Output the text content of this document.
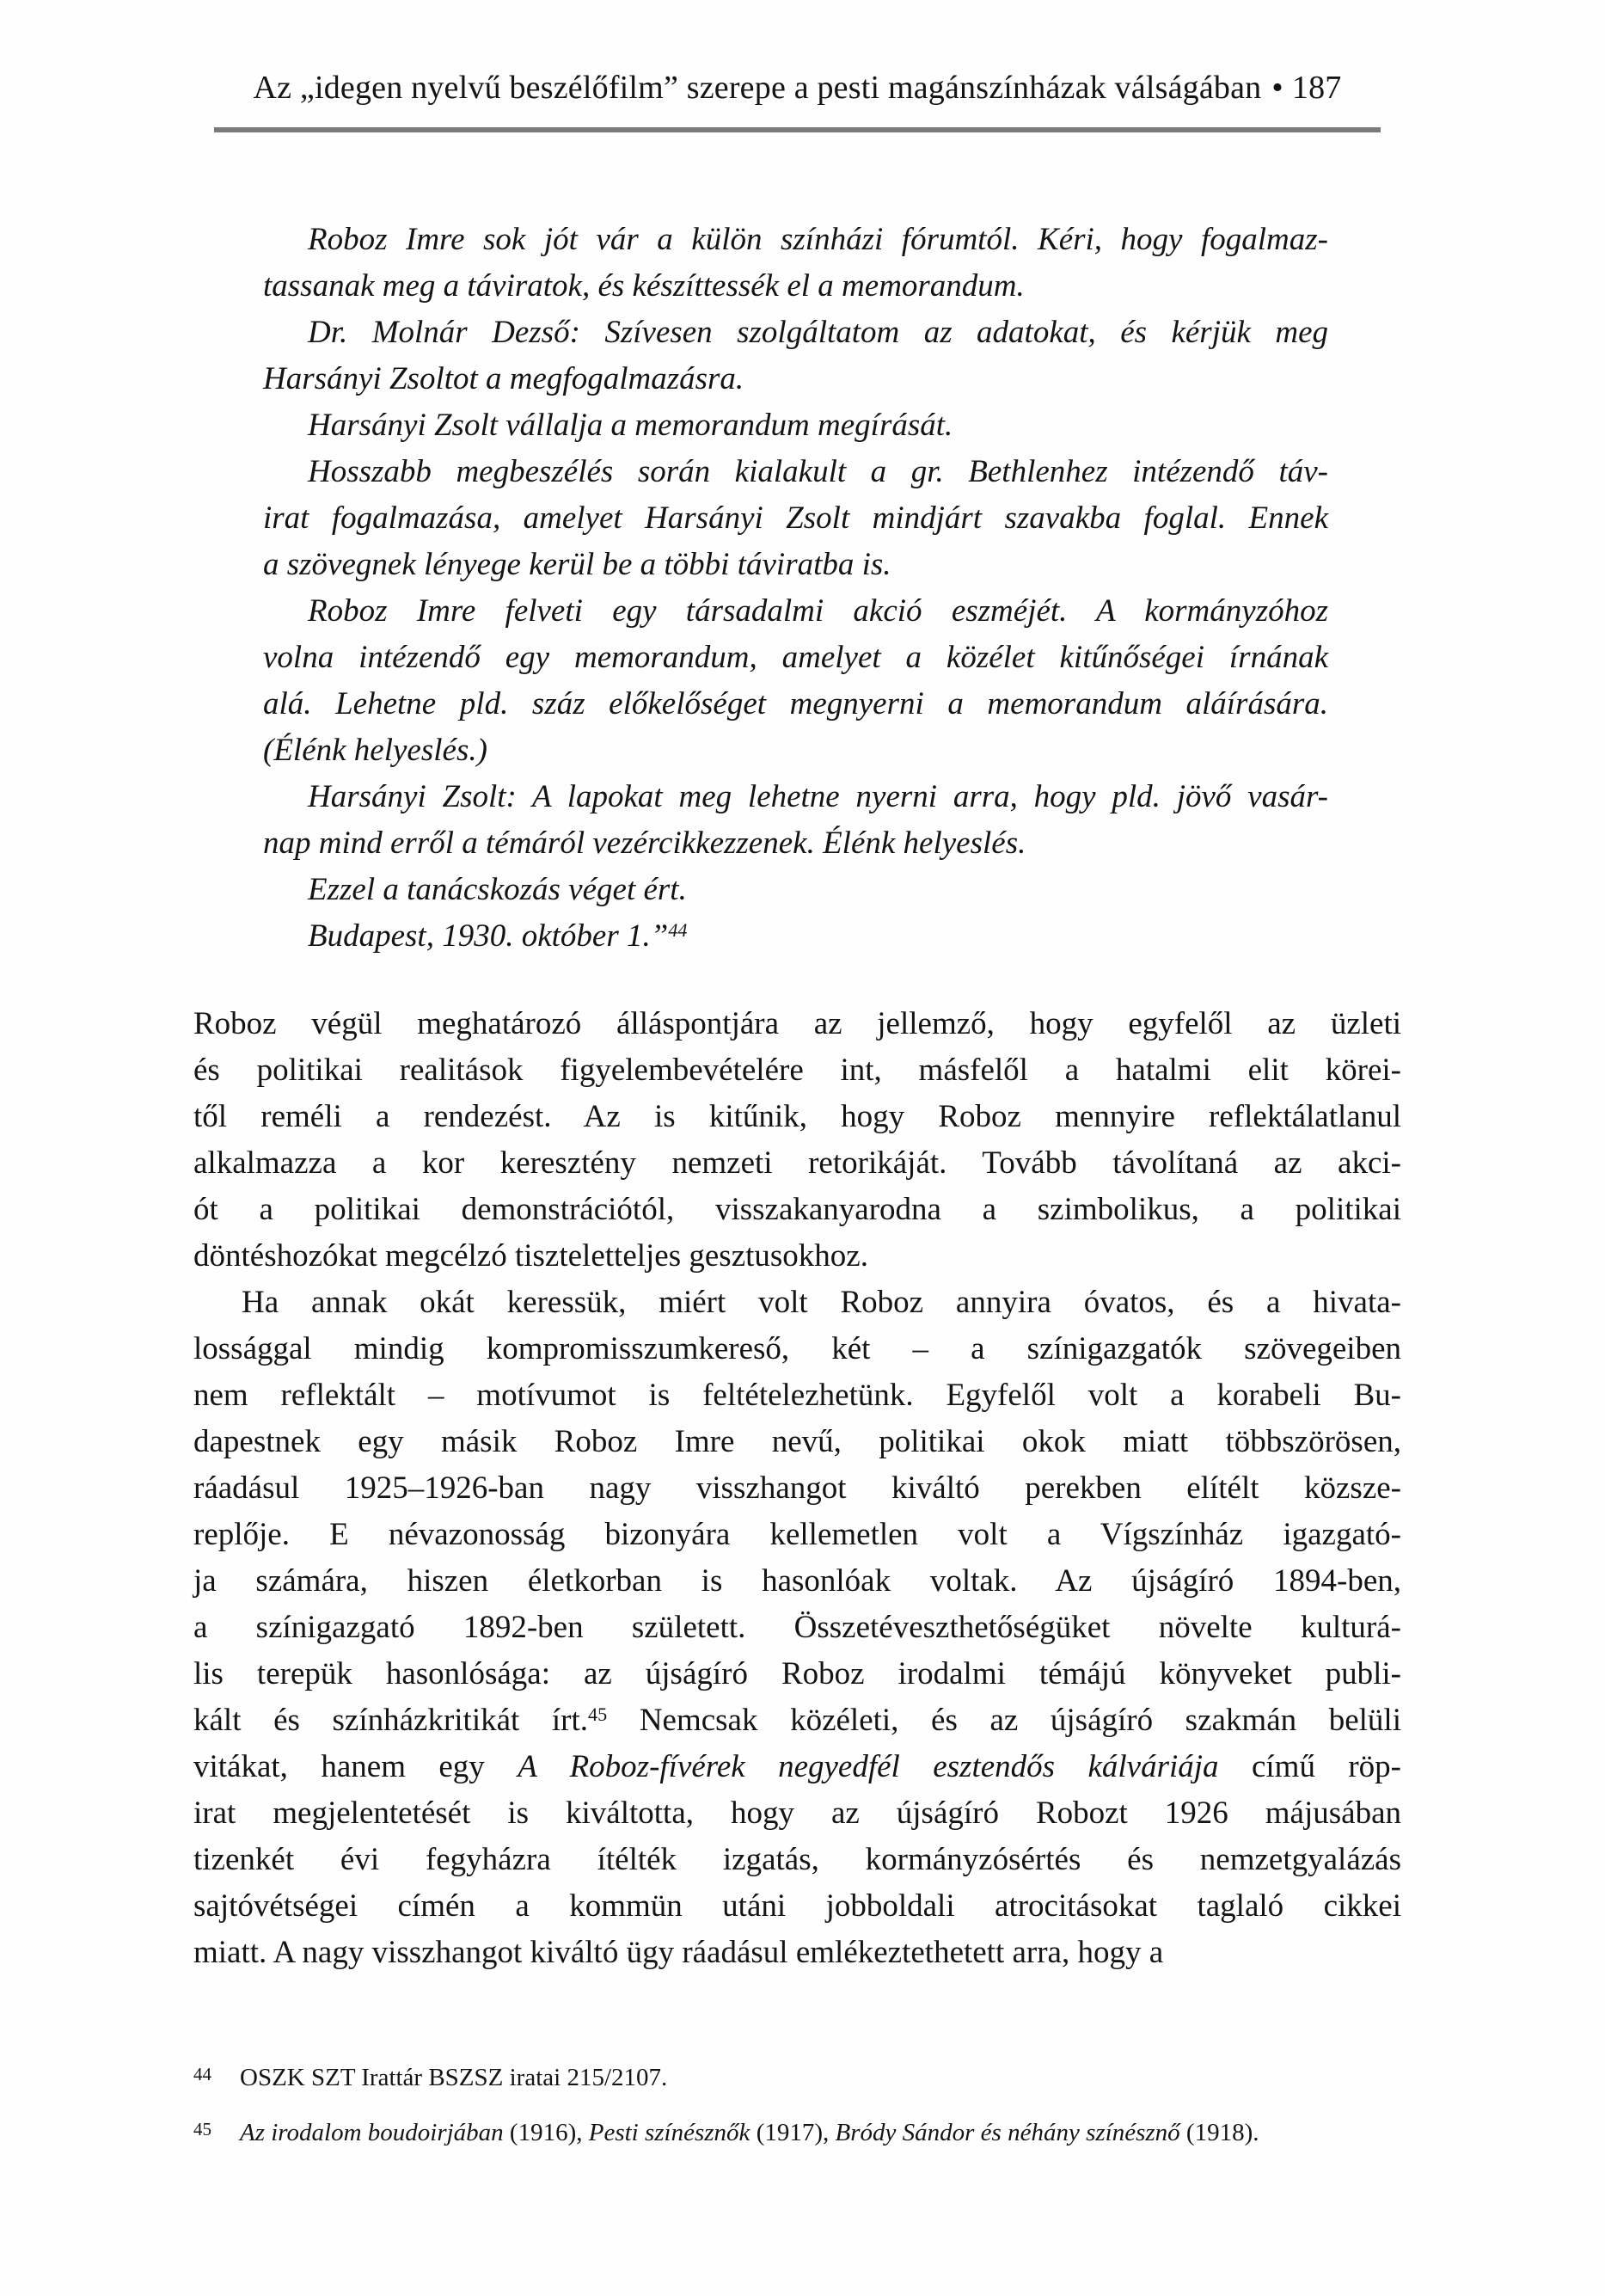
Az „idegen nyelvű beszélőfilm” szerepe a pesti magánszínházak válságában • 187
Roboz Imre sok jót vár a külön színházi fórumtól. Kéri, hogy fogalmaz-
tassanak meg a táviratok, és készíttessék el a memorandum.
Dr. Molnár Dezső: Szívesen szolgáltatom az adatokat, és kérjük meg
Harsányi Zsoltot a megfogalmazásra.
Harsányi Zsolt vállalja a memorandum megírását.
Hosszabb megbeszélés során kialakult a gr. Bethlenhez intézendő táv-
irat fogalmazása, amelyet Harsányi Zsolt mindjárt szavakba foglal. Ennek
a szövegnek lényege kerül be a többi táviratba is.
Roboz Imre felveti egy társadalmi akció eszméjét. A kormányzóhoz
volna intézendő egy memorandum, amelyet a közélet kitűnőségei írnának
alá. Lehetne pld. száz előkelőséget megnyerni a memorandum aláírására.
(Élénk helyeslés.)
Harsányi Zsolt: A lapokat meg lehetne nyerni arra, hogy pld. jövő vasár-
nap mind erről a témáról vezércikkezzenek. Élénk helyeslés.
Ezzel a tanácskozás véget ért.
Budapest, 1930. október 1.”$^{44}$
Roboz végül meghatározó álláspontjára az jellemző, hogy egyfelől az üzleti
és politikai realitások figyelembevételére int, másfelől a hatalmi elit körei-
től reméli a rendezést. Az is kitűnik, hogy Roboz mennyire reflektálatlanul
alkalmazza a kor keresztény nemzeti retorikáját. Tovább távolítaná az akci-
ót a politikai demonstrációtól, visszakanyarodna a szimbolikus, a politikai
döntéshozókat megcélzó tiszteletteljes gesztusokhoz.
Ha annak okát keressük, miért volt Roboz annyira óvatos, és a hivata-
lossággal mindig kompromisszumkereső, két – a színigazgatók szövegeiben
nem reflektált – motívumot is feltételezhetünk. Egyfelől volt a korabeli Bu-
dapestnek egy másik Roboz Imre nevű, politikai okok miatt többszörösen,
ráadásul 1925–1926-ban nagy visszhangot kiváltó perekben elítélt közsze-
replője. E névazonosság bizonyára kellemetlen volt a Vígszínház igazgató-
ja számára, hiszen életkorban is hasonlóak voltak. Az újságíró 1894-ben,
a színigazgató 1892-ben született. Összetéveszthetőségüket növelte kulturá-
lis terepük hasonlósága: az újságíró Roboz irodalmi témájú könyveket publi-
kált és színházkritikát írt.$^{45}$ Nemcsak közéleti, és az újságíró szakmán belüli
vitákat, hanem egy A Roboz-fívérek negyedfél esztendős kálváriája című röp-
irat megjelentetését is kiváltotta, hogy az újságíró Robozt 1926 májusában
tizenkét évi fegyházra ítélték izgatás, kormányzósértés és nemzetgyalázás
sajtóvétségei címén a kommün utáni jobboldali atrocitásokat taglaló cikkei
miatt. A nagy visszhangot kiváltó ügy ráadásul emlékeztethetett arra, hogy a
44	OSZK SZT Irattár BSZSZ iratai 215/2107.
45	Az irodalom boudoirjában (1916), Pesti színésznők (1917), Bródy Sándor és néhány színésznő (1918).
